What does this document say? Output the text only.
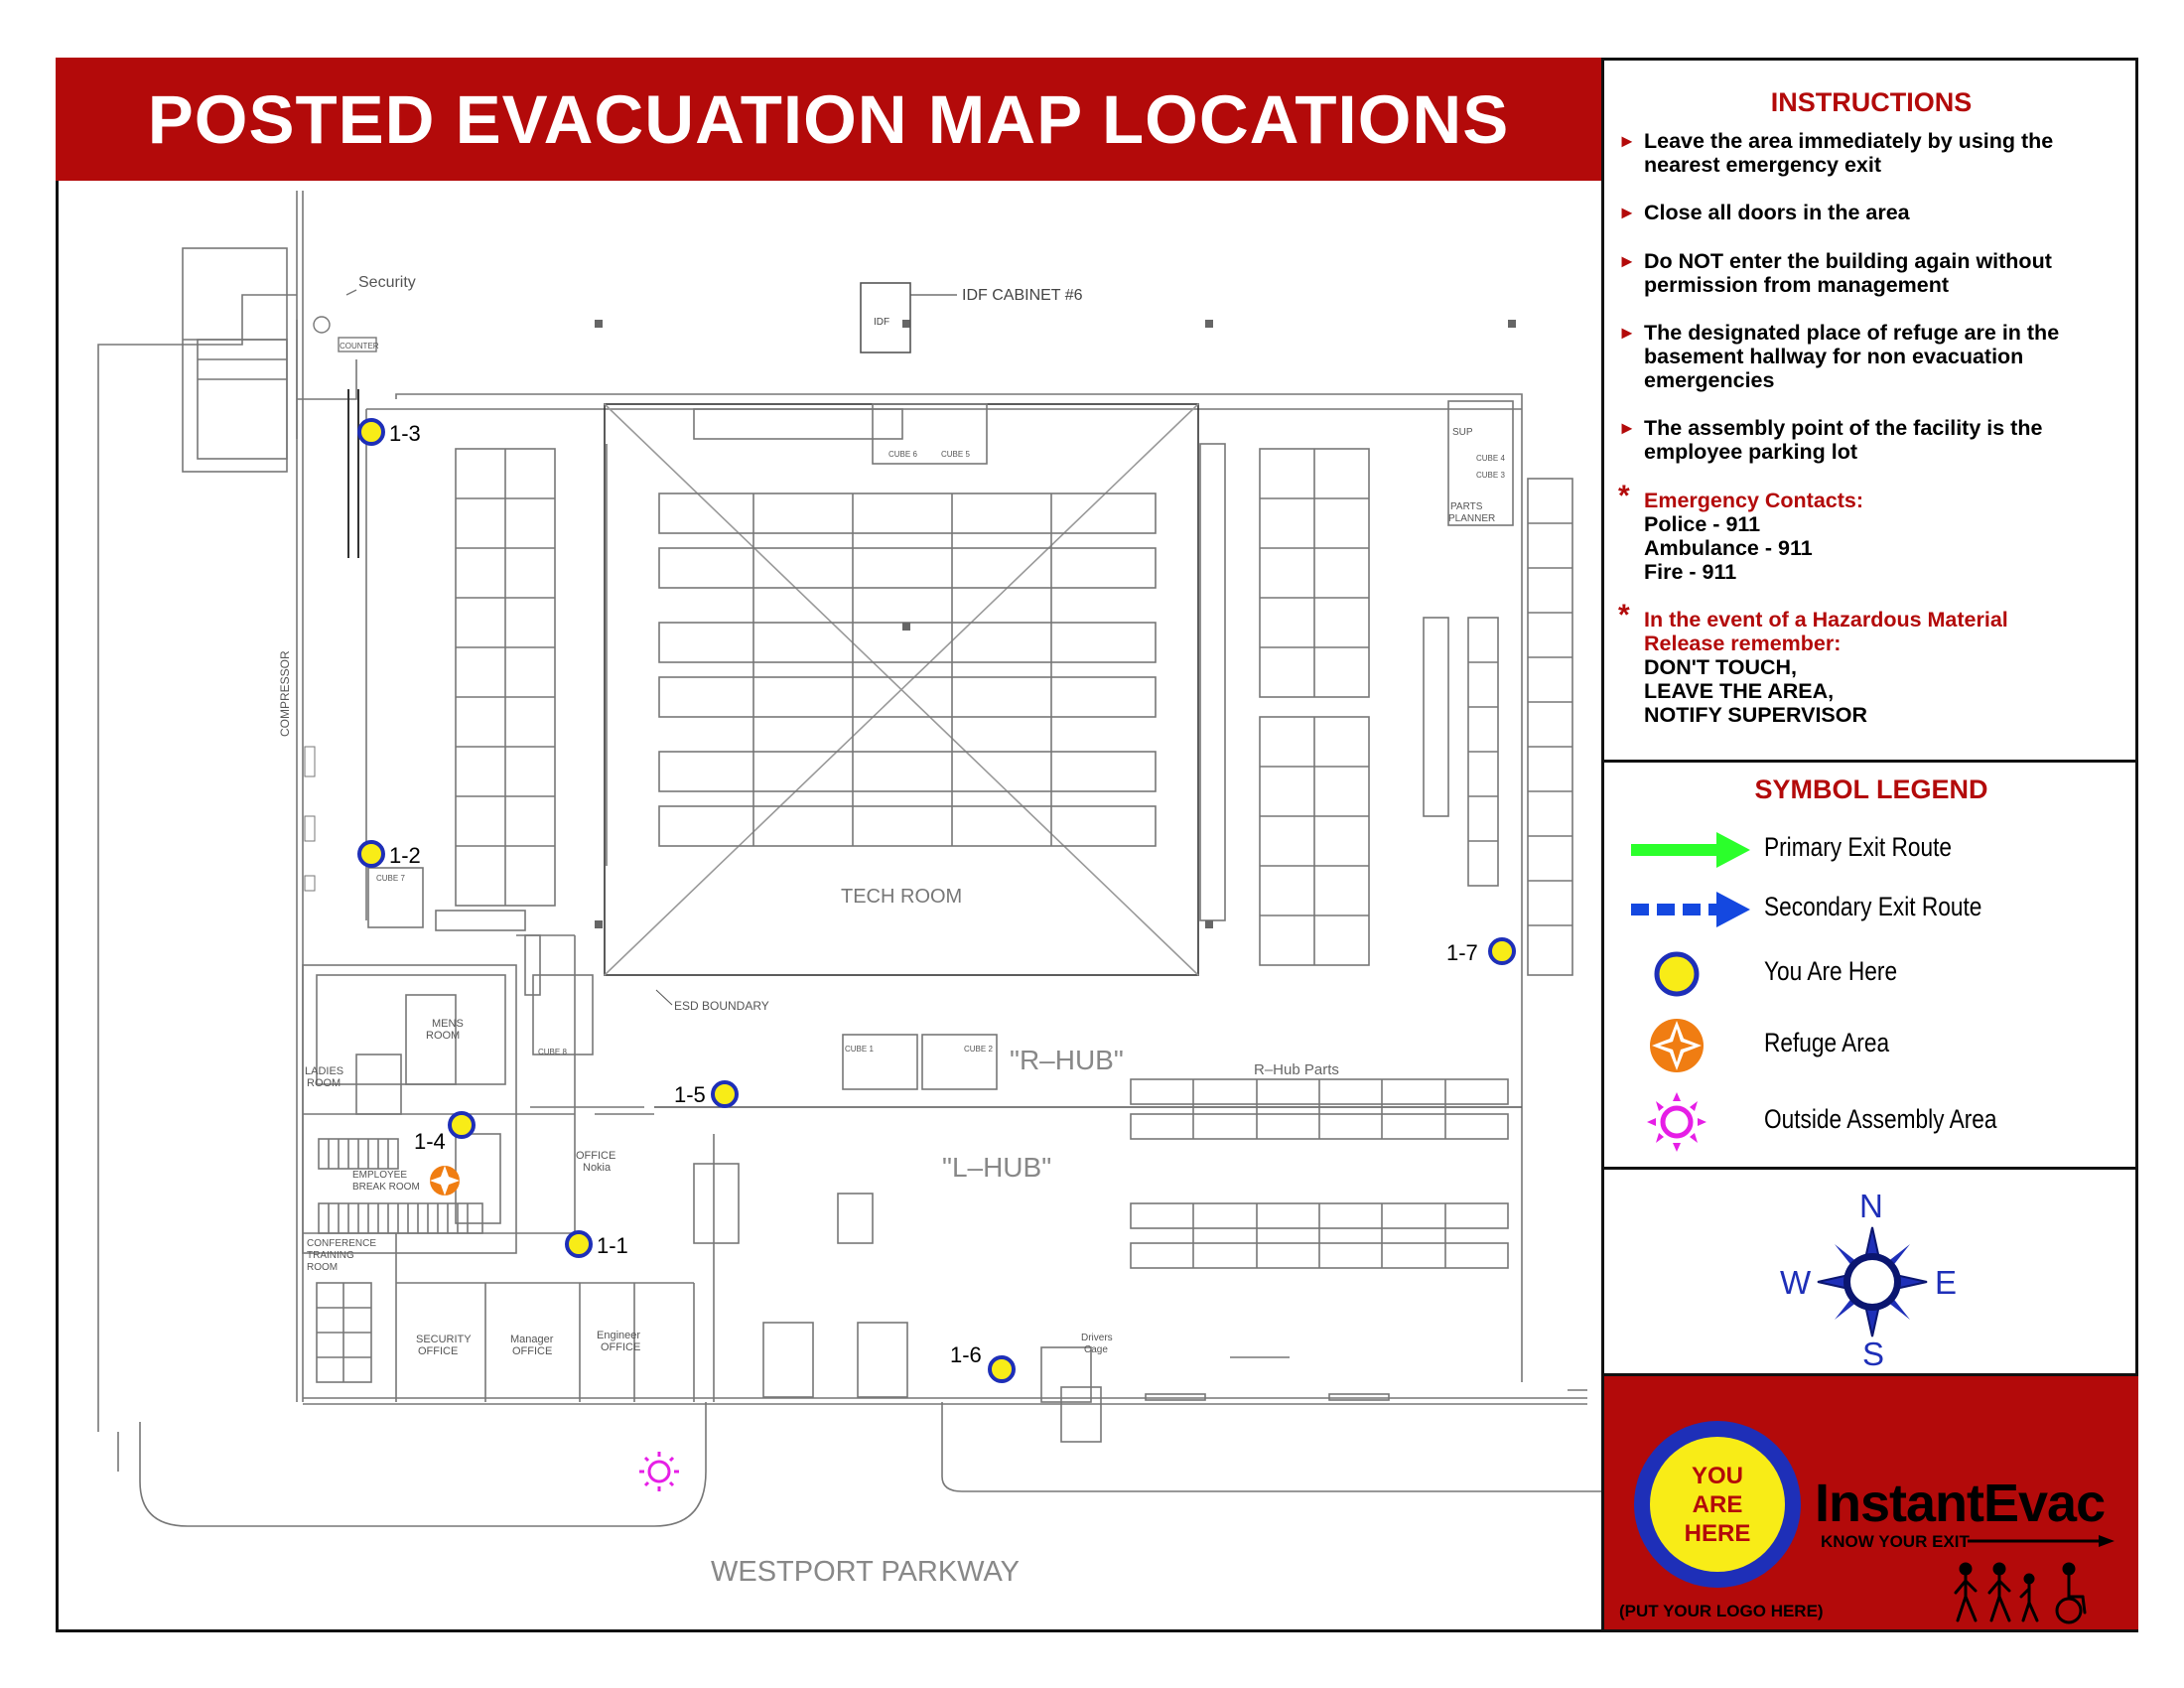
POSTED EVACUATION MAP LOCATIONS
IDF
IDF CABINET #6
Security
COUNTER
COMPRESSOR
TECH ROOM
ESD BOUNDARY
"R–HUB"	R–Hub Parts
"L–HUB"
MENS
ROOM
LADIES
ROOM
EMPLOYEE
BREAK ROOM
CONFERENCE
TRAINING
ROOM
OFFICE
Nokia
SECURITY
OFFICE
Manager
OFFICE
Engineer
OFFICE
Drivers
Cage
SUP
PARTS
PLANNER
CUBE 6	CUBE 5
CUBE 7
CUBE 8
CUBE 4
CUBE 3
CUBE 1	CUBE 2
WESTPORT PARKWAY
1-1
1-2
1-3
1-4
1-5
1-6
1-7
INSTRUCTIONS
► Leave the area immediately by using the nearest emergency exit
► Close all doors in the area
► Do NOT enter the building again without permission from management
► The designated place of refuge are in the basement hallway for non evacuation emergencies
► The assembly point of the facility is the employee parking lot
* Emergency Contacts:
Police - 911
Ambulance - 911
Fire - 911
* In the event of a Hazardous Material
Release remember:
DON'T TOUCH,
LEAVE THE AREA,
NOTIFY SUPERVISOR
SYMBOL LEGEND
Primary Exit Route
Secondary Exit Route
You Are Here
Refuge Area
Outside Assembly Area
N
S
E
W
YOU
ARE
HERE InstantEvac
KNOW YOUR EXIT
(PUT YOUR LOGO HERE)
